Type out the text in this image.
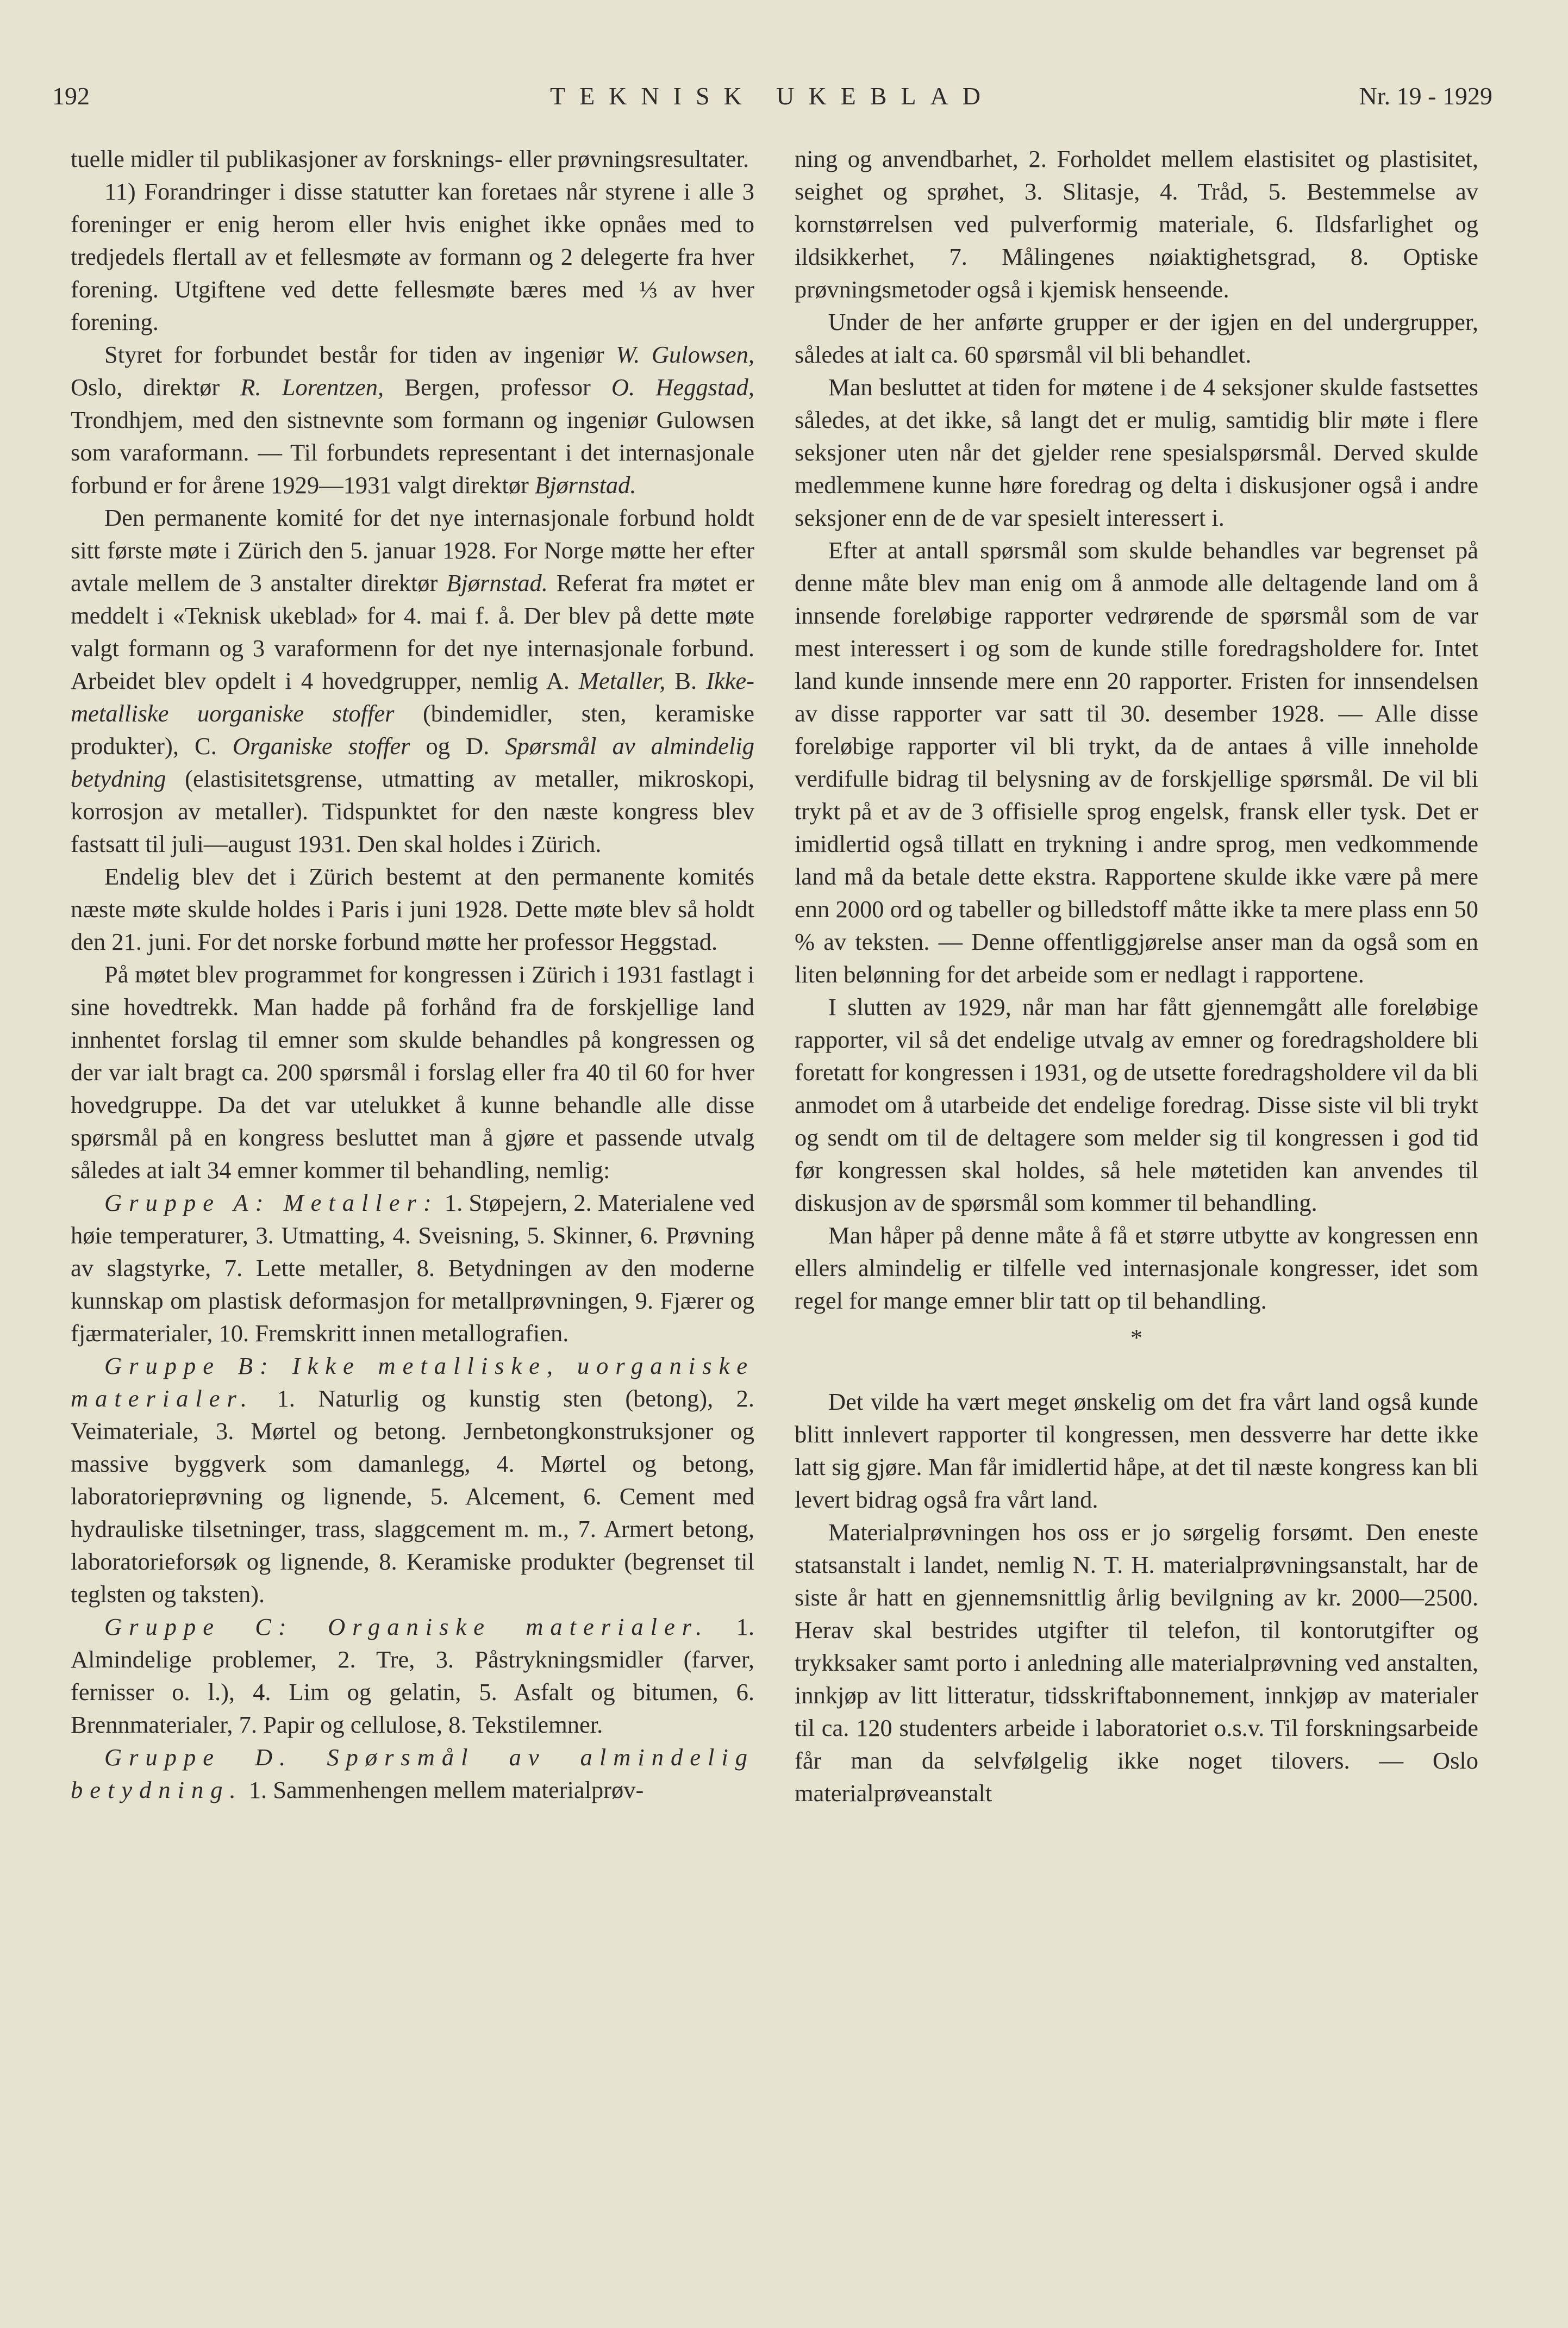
TEKNISK UKEBLAD
192	Nr. 19 - 1929

tuelle midler til publikasjoner av forsknings- eller prøvningsresultater.

11) Forandringer i disse statutter kan foretaes når styrene i alle 3 foreninger er enig herom eller hvis enighet ikke opnåes med to tredjedels flertall av et fellesmøte av formann og 2 delegerte fra hver forening. Utgiftene ved dette fellesmøte bæres med ⅓ av hver forening.

Styret for forbundet består for tiden av ingeniør W. Gulowsen, Oslo, direktør R. Lorentzen, Bergen, professor O. Heggstad, Trondhjem, med den sistnevnte som formann og ingeniør Gulowsen som varaformann. — Til forbundets representant i det internasjonale forbund er for årene 1929—1931 valgt direktør Bjørnstad.

Den permanente komité for det nye internasjonale forbund holdt sitt første møte i Zürich den 5. januar 1928. For Norge møtte her efter avtale mellem de 3 anstalter direktør Bjørnstad. Referat fra møtet er meddelt i «Teknisk ukeblad» for 4. mai f. å. Der blev på dette møte valgt formann og 3 varaformenn for det nye internasjonale forbund. Arbeidet blev opdelt i 4 hovedgrupper, nemlig A. Metaller, B. Ikke-metalliske uorganiske stoffer (bindemidler, sten, keramiske produkter), C. Organiske stoffer og D. Spørsmål av almindelig betydning (elastisitetsgrense, utmatting av metaller, mikroskopi, korrosjon av metaller). Tidspunktet for den næste kongress blev fastsatt til juli—august 1931. Den skal holdes i Zürich.

Endelig blev det i Zürich bestemt at den permanente komités næste møte skulde holdes i Paris i juni 1928. Dette møte blev så holdt den 21. juni. For det norske forbund møtte her professor Heggstad.

På møtet blev programmet for kongressen i Zürich i 1931 fastlagt i sine hovedtrekk. Man hadde på forhånd fra de forskjellige land innhentet forslag til emner som skulde behandles på kongressen og der var ialt bragt ca. 200 spørsmål i forslag eller fra 40 til 60 for hver hovedgruppe. Da det var utelukket å kunne behandle alle disse spørsmål på en kongress besluttet man å gjøre et passende utvalg således at ialt 34 emner kommer til behandling, nemlig:

Gruppe A: Metaller: 1. Støpejern, 2. Materialene ved høie temperaturer, 3. Utmatting, 4. Sveisning, 5. Skinner, 6. Prøvning av slagstyrke, 7. Lette metaller, 8. Betydningen av den moderne kunnskap om plastisk deformasjon for metallprøvningen, 9. Fjærer og fjærmaterialer, 10. Fremskritt innen metallografien.

Gruppe B: Ikke metalliske, uorganiske materialer. 1. Naturlig og kunstig sten (betong), 2. Veimateriale, 3. Mørtel og betong. Jernbetongkonstruksjoner og massive byggverk som damanlegg, 4. Mørtel og betong, laboratorieprøvning og lignende, 5. Alcement, 6. Cement med hydrauliske tilsetninger, trass, slaggcement m. m., 7. Armert betong, laboratorieforsøk og lignende, 8. Keramiske produkter (begrenset til teglsten og taksten).

Gruppe C: Organiske materialer. 1. Almindelige problemer, 2. Tre, 3. Påstrykningsmidler (farver, fernisser o. l.), 4. Lim og gelatin, 5. Asfalt og bitumen, 6. Brennmaterialer, 7. Papir og cellulose, 8. Tekstilemner.

Gruppe D. Spørsmål av almindelig betydning. 1. Sammenhengen mellem materialprøv-

ning og anvendbarhet, 2. Forholdet mellem elastisitet og plastisitet, seighet og sprøhet, 3. Slitasje, 4. Tråd, 5. Bestemmelse av kornstørrelsen ved pulverformig materiale, 6. Ildsfarlighet og ildsikkerhet, 7. Målingenes nøiaktighetsgrad, 8. Optiske prøvningsmetoder også i kjemisk henseende.

Under de her anførte grupper er der igjen en del undergrupper, således at ialt ca. 60 spørsmål vil bli behandlet.

Man besluttet at tiden for møtene i de 4 seksjoner skulde fastsettes således, at det ikke, så langt det er mulig, samtidig blir møte i flere seksjoner uten når det gjelder rene spesialspørsmål. Derved skulde medlemmene kunne høre foredrag og delta i diskusjoner også i andre seksjoner enn de de var spesielt interessert i.

Efter at antall spørsmål som skulde behandles var begrenset på denne måte blev man enig om å anmode alle deltagende land om å innsende foreløbige rapporter vedrørende de spørsmål som de var mest interessert i og som de kunde stille foredragsholdere for. Intet land kunde innsende mere enn 20 rapporter. Fristen for innsendelsen av disse rapporter var satt til 30. desember 1928. — Alle disse foreløbige rapporter vil bli trykt, da de antaes å ville inneholde verdifulle bidrag til belysning av de forskjellige spørsmål. De vil bli trykt på et av de 3 offisielle sprog engelsk, fransk eller tysk. Det er imidlertid også tillatt en trykning i andre sprog, men vedkommende land må da betale dette ekstra. Rapportene skulde ikke være på mere enn 2000 ord og tabeller og billedstoff måtte ikke ta mere plass enn 50 % av teksten. — Denne offentliggjørelse anser man da også som en liten belønning for det arbeide som er nedlagt i rapportene.

I slutten av 1929, når man har fått gjennemgått alle foreløbige rapporter, vil så det endelige utvalg av emner og foredragsholdere bli foretatt for kongressen i 1931, og de utsette foredragsholdere vil da bli anmodet om å utarbeide det endelige foredrag. Disse siste vil bli trykt og sendt om til de deltagere som melder sig til kongressen i god tid før kongressen skal holdes, så hele møtetiden kan anvendes til diskusjon av de spørsmål som kommer til behandling.

Man håper på denne måte å få et større utbytte av kongressen enn ellers almindelig er tilfelle ved internasjonale kongresser, idet som regel for mange emner blir tatt op til behandling.

*

Det vilde ha vært meget ønskelig om det fra vårt land også kunde blitt innlevert rapporter til kongressen, men dessverre har dette ikke latt sig gjøre. Man får imidlertid håpe, at det til næste kongress kan bli levert bidrag også fra vårt land.

Materialprøvningen hos oss er jo sørgelig forsømt. Den eneste statsanstalt i landet, nemlig N. T. H. materialprøvningsanstalt, har de siste år hatt en gjennemsnittlig årlig bevilgning av kr. 2000—2500. Herav skal bestrides utgifter til telefon, til kontorutgifter og trykksaker samt porto i anledning alle materialprøvning ved anstalten, innkjøp av litt litteratur, tidsskriftabonnement, innkjøp av materialer til ca. 120 studenters arbeide i laboratoriet o.s.v. Til forskningsarbeide får man da selvfølgelig ikke noget tilovers. — Oslo materialprøveanstalt
